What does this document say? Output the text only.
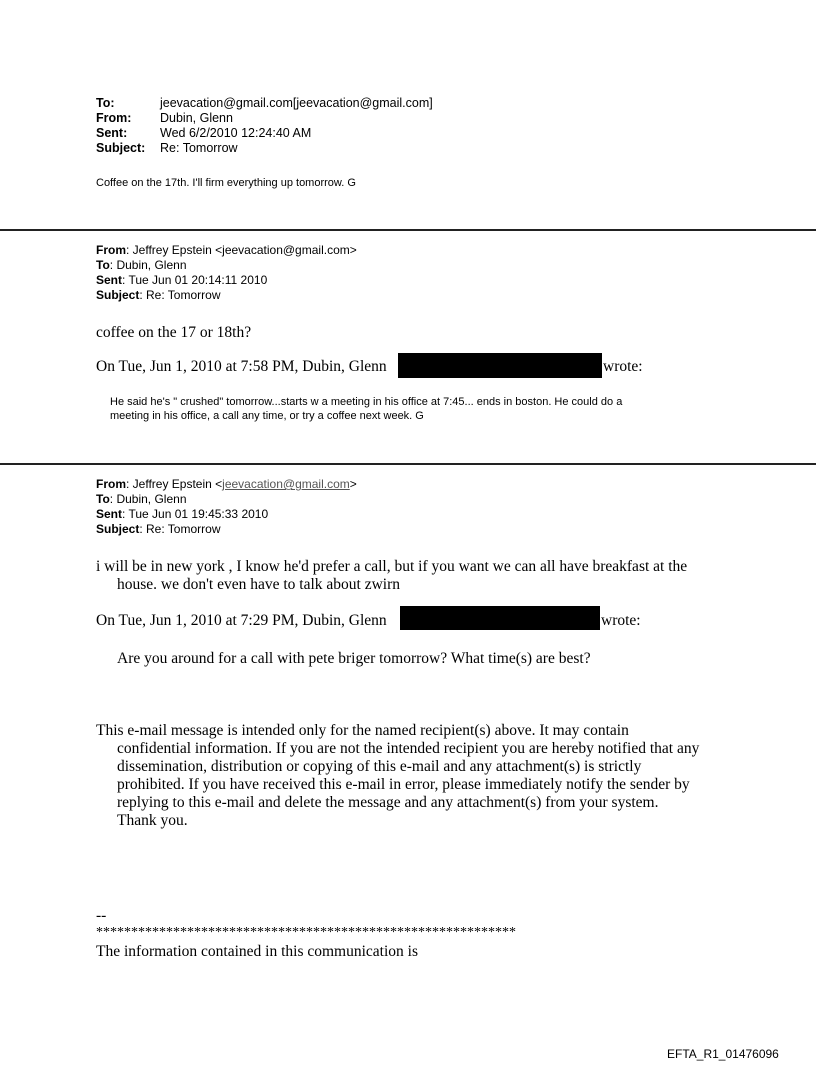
To:	jeevacation@gmail.com[jeevacation@gmail.com]
From:	Dubin, Glenn
Sent:	Wed 6/2/2010 12:24:40 AM
Subject:	Re: Tomorrow
Coffee on the 17th. I'll firm everything up tomorrow. G
From: Jeffrey Epstein <jeevacation@gmail.com>
To: Dubin, Glenn
Sent: Tue Jun 01 20:14:11 2010
Subject: Re: Tomorrow
coffee on the 17 or 18th?
On Tue, Jun 1, 2010 at 7:58 PM, Dubin, Glenn	wrote:
He said he's " crushed" tomorrow...starts w a meeting in his office at 7:45... ends in boston. He could do a
meeting in his office, a call any time, or try a coffee next week. G
From: Jeffrey Epstein <jeevacation@gmail.com>
To: Dubin, Glenn
Sent: Tue Jun 01 19:45:33 2010
Subject: Re: Tomorrow
i will be in new york , I know he'd prefer a call, but if you want we can all have breakfast at the
house. we don't even have to talk about zwirn
On Tue, Jun 1, 2010 at 7:29 PM, Dubin, Glenn	wrote:
Are you around for a call with pete briger tomorrow? What time(s) are best?
This e-mail message is intended only for the named recipient(s) above. It may contain
confidential information. If you are not the intended recipient you are hereby notified that any
dissemination, distribution or copying of this e-mail and any attachment(s) is strictly
prohibited. If you have received this e-mail in error, please immediately notify the sender by
replying to this e-mail and delete the message and any attachment(s) from your system.
Thank you.
--
************************************************************
The information contained in this communication is
EFTA_R1_01476096
